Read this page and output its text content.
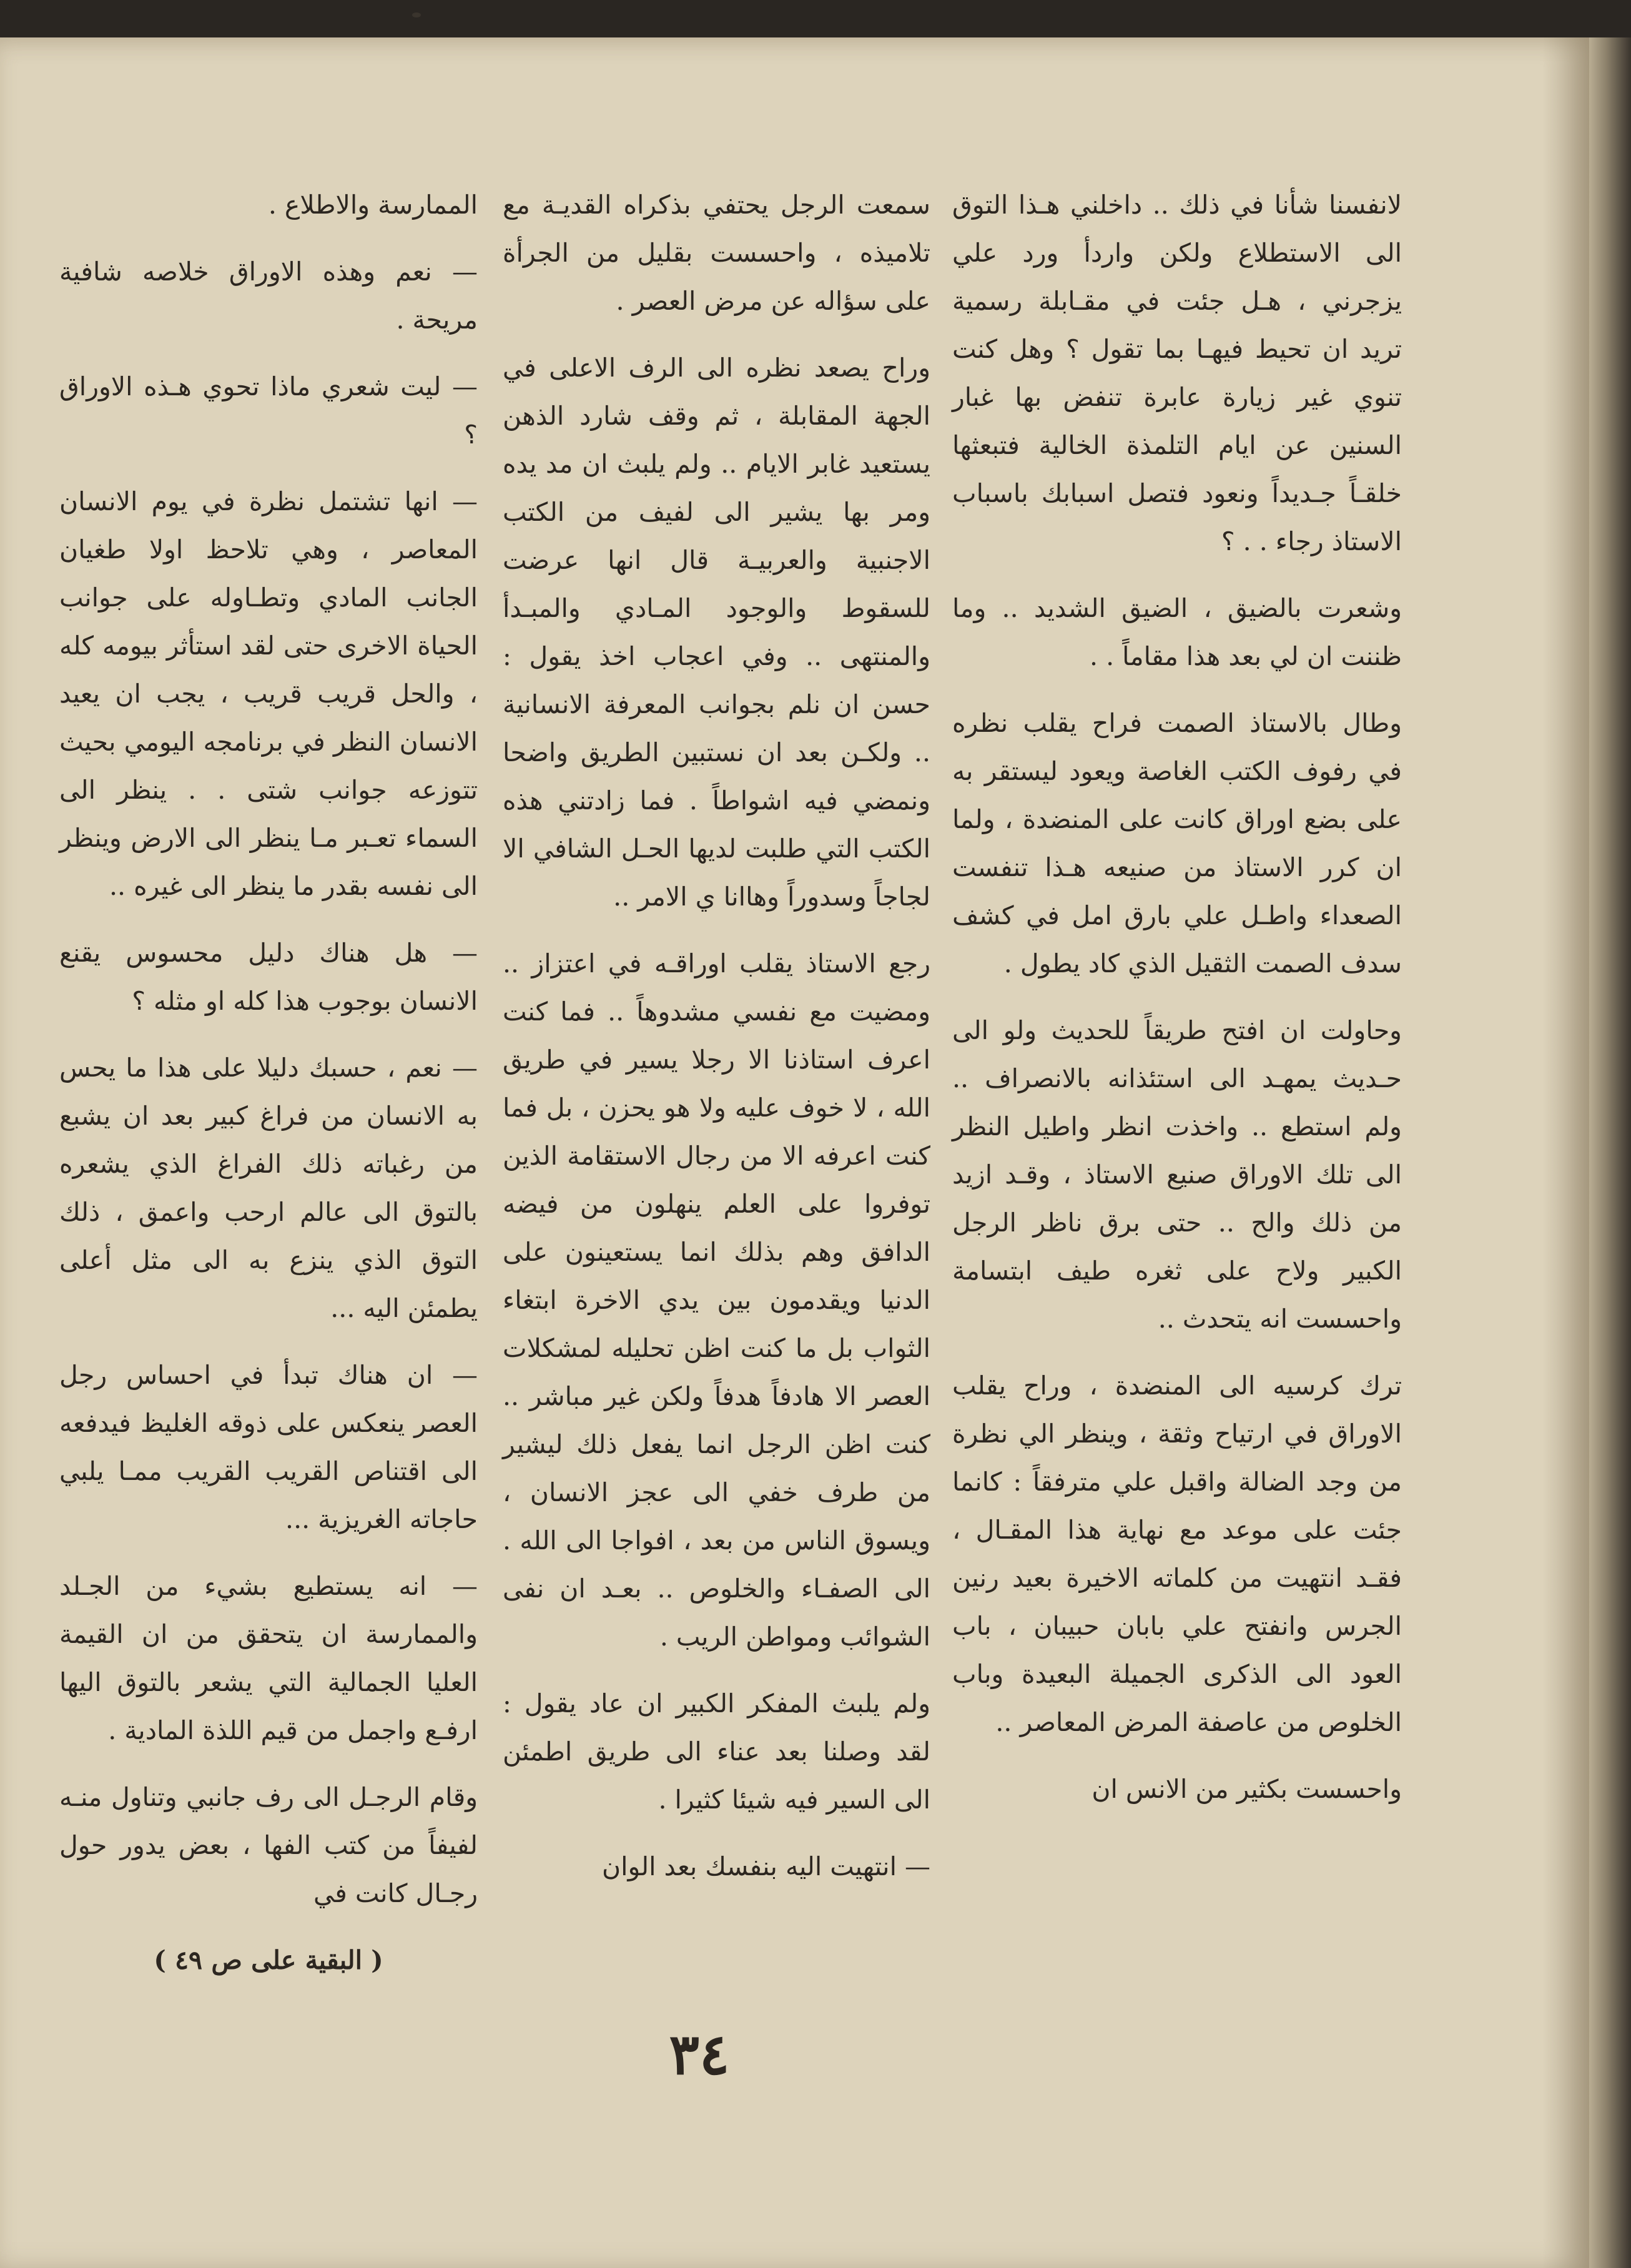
لانفسنا شأنا في ذلك .. داخلني هـذا التوق الى الاستطلاع ولكن واردأ ورد علي يزجرني ، هـل جئت في مقـابلة رسمية تريد ان تحيط فيهـا بما تقول ؟ وهل كنت تنوي غير زيارة عابرة تنفض بها غبار السنين عن ايام التلمذة الخالية فتبعثها خلقـاً جـديداً ونعود فتصل اسبابك باسباب الاستاذ رجاء . . ؟

وشعرت بالضيق ، الضيق الشديد .. وما ظننت ان لي بعد هذا مقاماً . .

وطال بالاستاذ الصمت فراح يقلب نظره في رفوف الكتب الغاصة ويعود ليستقر به على بضع اوراق كانت على المنضدة ، ولما ان كرر الاستاذ من صنيعه هـذا تنفست الصعداء واطـل علي بارق امل في كشف سدف الصمت الثقيل الذي كاد يطول .

وحاولت ان افتح طريقاً للحديث ولو الى حـديث يمهـد الى استئذانه بالانصراف .. ولم استطع .. واخذت انظر واطيل النظر الى تلك الاوراق صنيع الاستاذ ، وقـد ازيد من ذلك والح .. حتى برق ناظر الرجل الكبير ولاح على ثغره طيف ابتسامة واحسست انه يتحدث ..

ترك كرسيه الى المنضدة ، وراح يقلب الاوراق في ارتياح وثقة ، وينظر الي نظرة من وجد الضالة واقبل علي مترفقاً : كانما جئت على موعد مع نهاية هذا المقـال ، فقـد انتهيت من كلماته الاخيرة بعيد رنين الجرس وانفتح علي بابان حبيبان ، باب العود الى الذكرى الجميلة البعيدة وباب الخلوص من عاصفة المرض المعاصر ..

واحسست بكثير من الانس ان

سمعت الرجل يحتفي بذكراه القديـة مع تلاميذه ، واحسست بقليل من الجرأة على سؤاله عن مرض العصر .

وراح يصعد نظره الى الرف الاعلى في الجهة المقابلة ، ثم وقف شارد الذهن يستعيد غابر الايام .. ولم يلبث ان مد يده ومر بها يشير الى لفيف من الكتب الاجنبية والعربيـة قال انها عرضت للسقوط والوجود المـادي والمبـدأ والمنتهى .. وفي اعجاب اخذ يقول : حسن ان نلم بجوانب المعرفة الانسانية .. ولكـن بعد ان نستبين الطريق واضحا ونمضي فيه اشواطاً . فما زادتني هذه الكتب التي طلبت لديها الحـل الشافي الا لجاجاً وسدوراً وهاانا ي الامر ..

رجع الاستاذ يقلب اوراقـه في اعتزاز .. ومضيت مع نفسي مشدوهاً .. فما كنت اعرف استاذنا الا رجلا يسير في طريق الله ، لا خوف عليه ولا هو يحزن ، بل فما كنت اعرفه الا من رجال الاستقامة الذين توفروا على العلم ينهلون من فيضه الدافق وهم بذلك انما يستعينون على الدنيا ويقدمون بين يدي الاخرة ابتغاء الثواب بل ما كنت اظن تحليله لمشكلات العصر الا هادفاً هدفاً ولكن غير مباشر .. كنت اظن الرجل انما يفعل ذلك ليشير من طرف خفي الى عجز الانسان ، ويسوق الناس من بعد ، افواجا الى الله . الى الصفـاء والخلوص .. بعـد ان نفى الشوائب ومواطن الريب .

ولم يلبث المفكر الكبير ان عاد يقول : لقد وصلنا بعد عناء الى طريق اطمئن الى السير فيه شيئا كثيرا .

— انتهيت اليه بنفسك بعد الوان

الممارسة والاطلاع .

— نعم وهذه الاوراق خلاصه شافية مريحة .

— ليت شعري ماذا تحوي هـذه الاوراق ؟

— انها تشتمل نظرة في يوم الانسان المعاصر ، وهي تلاحظ اولا طغيان الجانب المادي وتطـاوله على جوانب الحياة الاخرى حتى لقد استأثر بيومه كله ، والحل قريب قريب ، يجب ان يعيد الانسان النظر في برنامجه اليومي بحيث تتوزعه جوانب شتى . . ينظر الى السماء تعـبر مـا ينظر الى الارض وينظر الى نفسه بقدر ما ينظر الى غيره ..

— هل هناك دليل محسوس يقنع الانسان بوجوب هذا كله او مثله ؟

— نعم ، حسبك دليلا على هذا ما يحس به الانسان من فراغ كبير بعد ان يشبع من رغباته ذلك الفراغ الذي يشعره بالتوق الى عالم ارحب واعمق ، ذلك التوق الذي ينزع به الى مثل أعلى يطمئن اليه ...

— ان هناك تبدأ في احساس رجل العصر ينعكس على ذوقه الغليظ فيدفعه الى اقتناص القريب القريب ممـا يلبي حاجاته الغريزية ...

— انه يستطيع بشيء من الجـلد والممارسة ان يتحقق من ان القيمة العليا الجمالية التي يشعر بالتوق اليها ارفـع واجمل من قيم اللذة المادية .

وقام الرجـل الى رف جانبي وتناول منـه لفيفاً من كتب الفها ، بعض يدور حول رجـال كانت في

( البقية على ص ٤٩ )
٣٤
